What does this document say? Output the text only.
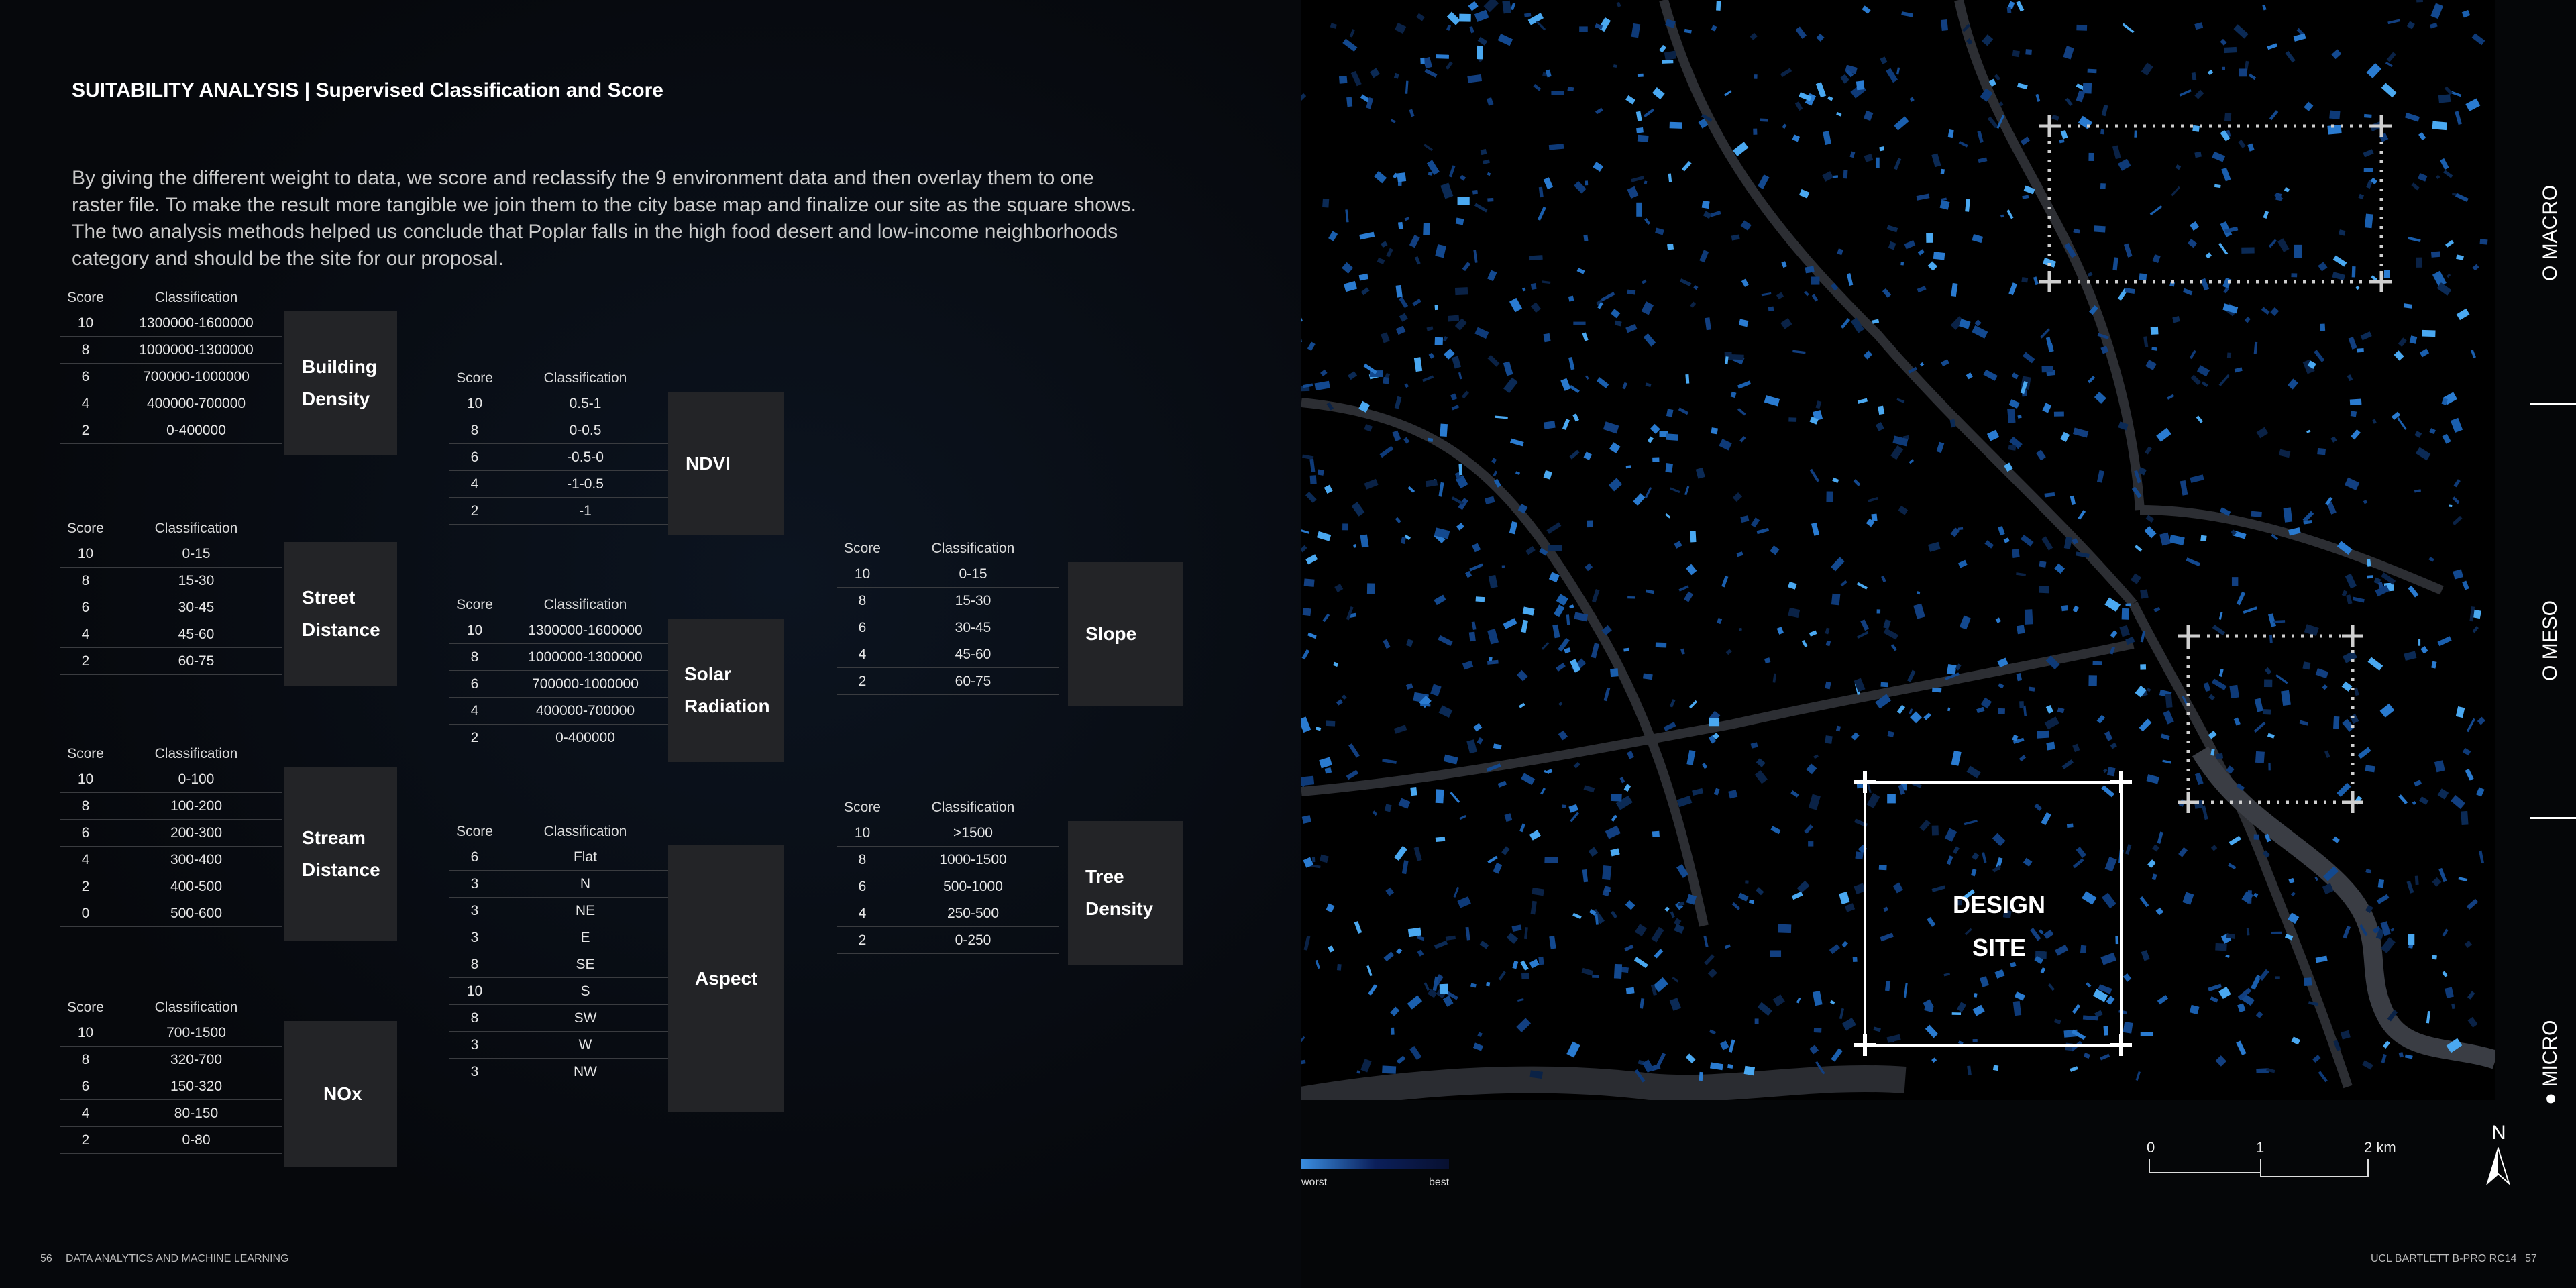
SUITABILITY ANALYSIS | Supervised Classification and Score
By giving the different weight to data, we score and reclassify the 9 environment data and then overlay them to one raster file. To make the result more tangible we join them to the city base map and finalize our site as the square shows. The two analysis methods helped us conclude that Poplar falls in the high food desert and low-income neighborhoods category and should be the site for our proposal.
Score	Classification
10	1300000-1600000
8	1000000-1300000
6	700000-1000000
4	400000-700000
2	0-400000
Building
Density
Score	Classification
10	0-15
8	15-30
6	30-45
4	45-60
2	60-75
Street
Distance
Score	Classification
10	0-100
8	100-200
6	200-300
4	300-400
2	400-500
0	500-600
Stream
Distance
Score	Classification
10	700-1500
8	320-700
6	150-320
4	80-150
2	0-80
NOx
Score	Classification
10	0.5-1
8	0-0.5
6	-0.5-0
4	-1-0.5
2	-1
NDVI
Score	Classification
10	1300000-1600000
8	1000000-1300000
6	700000-1000000
4	400000-700000
2	0-400000
Solar
Radiation
Score	Classification
6	Flat
3	N
3	NE
3	E
8	SE
10	S
8	SW
3	W
3	NW
Aspect
Score	Classification
10	0-15
8	15-30
6	30-45
4	45-60
2	60-75
Slope
Score	Classification
10	>1500
8	1000-1500
6	500-1000
4	250-500
2	0-250
Tree
Density	DESIGN
SITE
worst	best
0	1	2 km
N
O MACRO
O MESO
● MICRO
56 DATA ANALYTICS AND MACHINE LEARNING	UCL BARTLETT B-PRO RC14 57
